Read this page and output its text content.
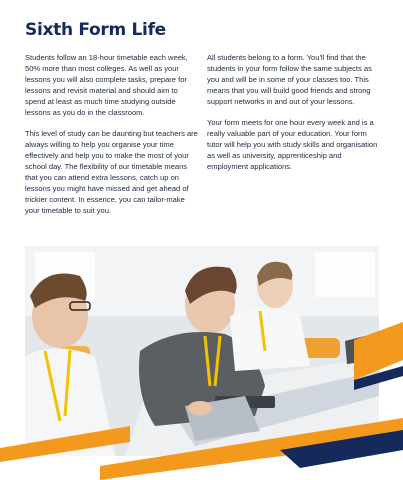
Sixth Form Life

Students follow an 18-hour timetable each week, 50% more than most colleges. As well as your lessons you will also complete tasks, prepare for lessons and revisit material and should aim to spend at least as much time studying outside lessons as you do in the classroom.

This level of study can be daunting but teachers are always willing to help you organise your time effectively and help you to make the most of your school day. The flexibility of our timetable means that you can attend extra lessons, catch up on lessons you might have missed and get ahead of trickier content. In essence, you can tailor-make your timetable to suit you.

All students belong to a form. You'll find that the students in your form follow the same subjects as you and will be in some of your classes too. This means that you will build good friends and strong support networks in and out of your lessons.

Your form meets for one hour every week and is a really valuable part of your education. Your form tutor will help you with study skills and organisation as well as university, apprenticeship and employment applications.
